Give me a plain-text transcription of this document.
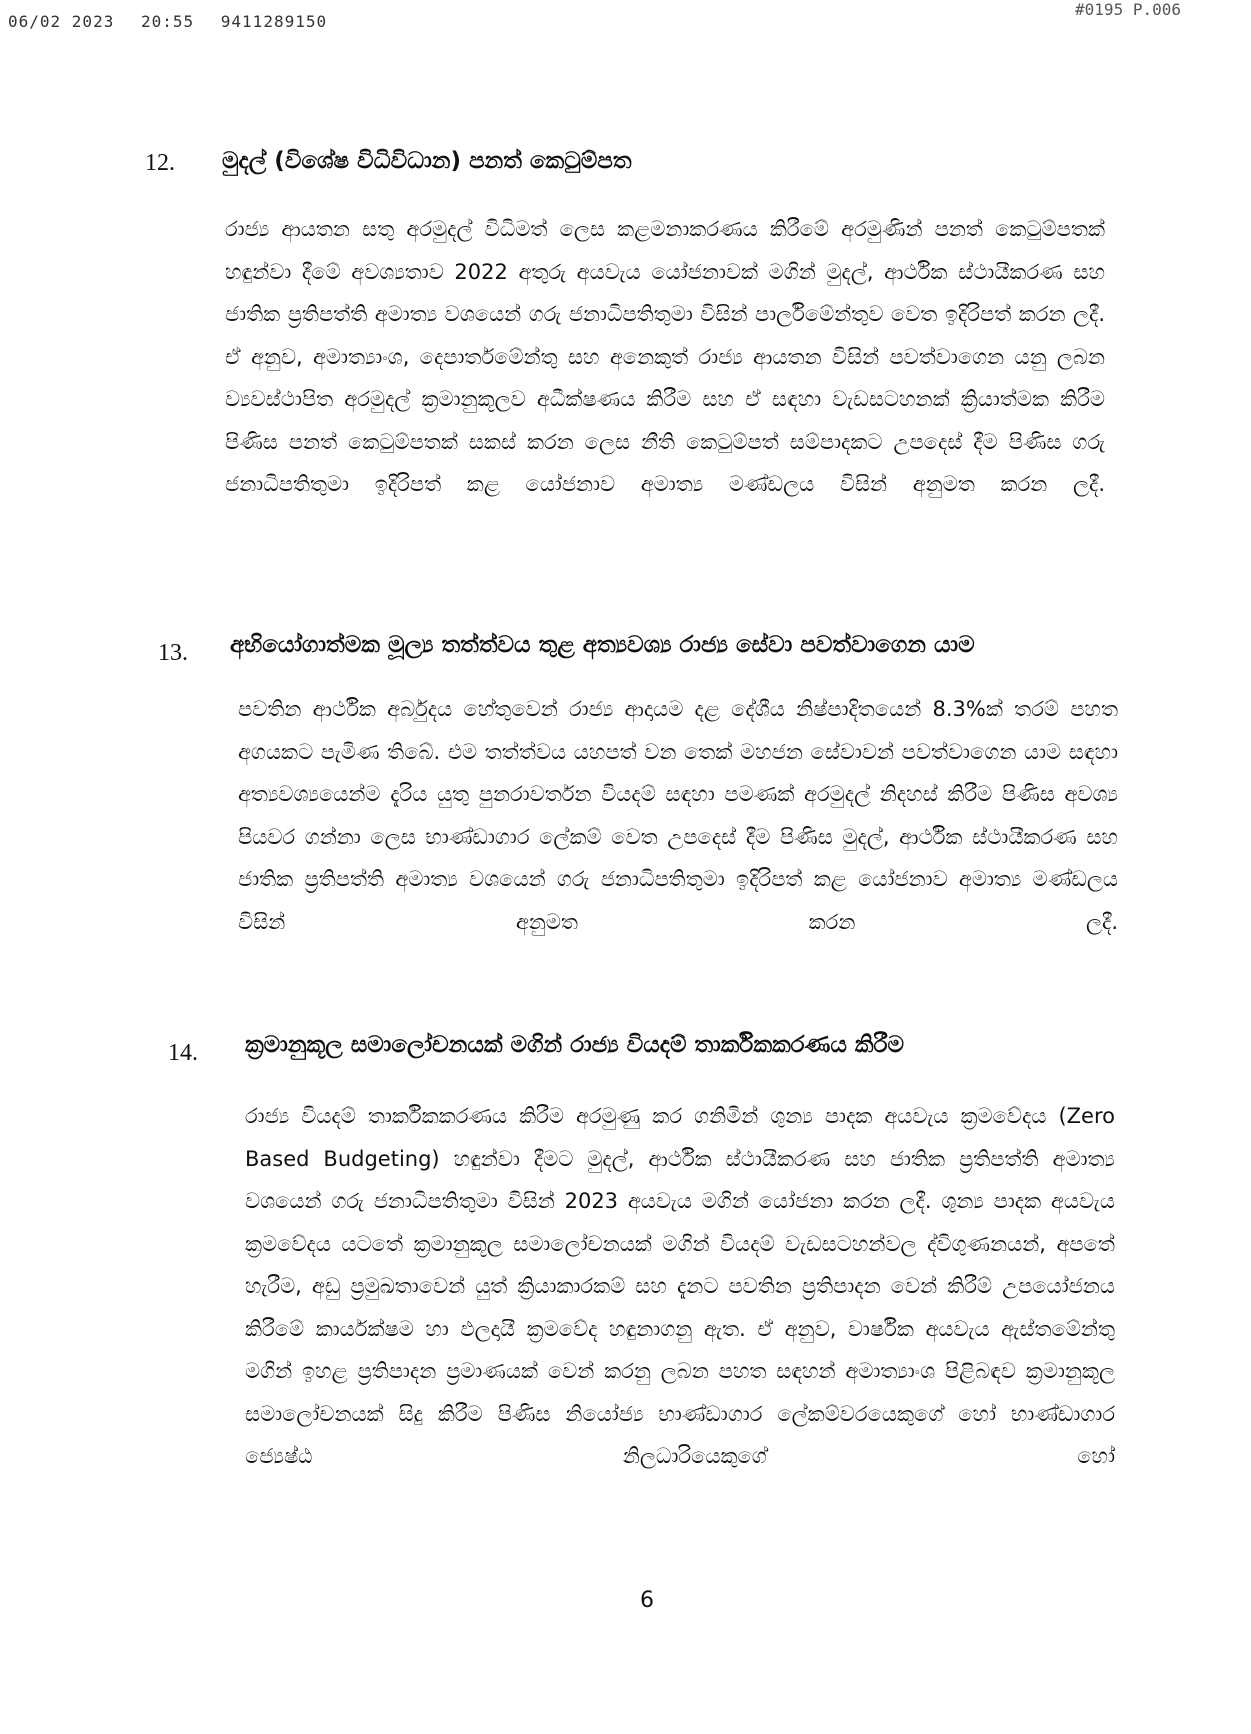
06/02 2023 20:55 9411289150
#0195 P.006
12. මුදල් (විශේෂ විධිවිධාන) පනත් කෙටුම්පත

රාජ්‍ය ආයතන සතු අරමුදල් විධිමත් ලෙස කළමනාකරණය කිරීමේ අරමුණින් පනත් කෙටුම්පතක් හඳුන්වා දීමේ අවශ්‍යතාව 2022 අතුරු අයවැය යෝජනාවක් මගින් මුදල්, ආර්ථික ස්ථායීකරණ සහ ජාතික ප්‍රතිපත්ති අමාත්‍ය වශයෙන් ගරු ජනාධිපතිතුමා විසින් පාර්ලිමේන්තුව වෙත ඉදිරිපත් කරන ලදී. ඒ අනුව, අමාත්‍යාංශ, දෙපාර්තමේන්තු සහ අනෙකුත් රාජ්‍ය ආයතන විසින් පවත්වාගෙන යනු ලබන ව්‍යවස්ථාපිත අරමුදල් ක්‍රමානුකූලව අධීක්ෂණය කිරීම සහ ඒ සඳහා වැඩසටහනක් ක්‍රියාත්මක කිරීම පිණිස පනත් කෙටුම්පතක් සකස් කරන ලෙස නීති කෙටුම්පත් සම්පාදකට උපදෙස් දීම පිණිස ගරු ජනාධිපතිතුමා ඉදිරිපත් කළ යෝජනාව අමාත්‍ය මණ්ඩලය විසින් අනුමත කරන ලදී.

13. අභියෝගාත්මක මූල්‍ය තත්ත්වය තුළ අත්‍යවශ්‍ය රාජ්‍ය සේවා පවත්වාගෙන යාම

පවතින ආර්ථික අර්බුදය හේතුවෙන් රාජ්‍ය ආදායම දළ දේශීය නිෂ්පාදිතයෙන් 8.3%ක් තරම් පහත අගයකට පැමිණ තිබේ. එම තත්ත්වය යහපත් වන තෙක් මහජන සේවාවන් පවත්වාගෙන යාම සඳහා අත්‍යවශ්‍යයෙන්ම දැරිය යුතු පුනරාවර්තන වියදම් සඳහා පමණක් අරමුදල් නිදහස් කිරීම පිණිස අවශ්‍ය පියවර ගන්නා ලෙස භාණ්ඩාගාර ලේකම් වෙත උපදෙස් දීම පිණිස මුදල්, ආර්ථික ස්ථායීකරණ සහ ජාතික ප්‍රතිපත්ති අමාත්‍ය වශයෙන් ගරු ජනාධිපතිතුමා ඉදිරිපත් කළ යෝජනාව අමාත්‍ය මණ්ඩලය විසින් අනුමත කරන ලදී.

14. ක්‍රමානුකූල සමාලෝචනයක් මගින් රාජ්‍ය වියදම් තාර්කිකකරණය කිරීම

රාජ්‍ය වියදම් තාර්කිකකරණය කිරීම අරමුණු කර ගනිමින් ශුන්‍ය පාදක අයවැය ක්‍රමවේදය (Zero Based Budgeting) හඳුන්වා දීමට මුදල්, ආර්ථික ස්ථායීකරණ සහ ජාතික ප්‍රතිපත්ති අමාත්‍ය වශයෙන් ගරු ජනාධිපතිතුමා විසින් 2023 අයවැය මගින් යෝජනා කරන ලදී. ශුන්‍ය පාදක අයවැය ක්‍රමවේදය යටතේ ක්‍රමානුකූල සමාලෝචනයක් මගින් වියදම් වැඩසටහන්වල ද්විගුණනයන්, අපතේ හැරීම, අඩු ප්‍රමුඛතාවෙන් යුත් ක්‍රියාකාරකම් සහ දැනට පවතින ප්‍රතිපාදන වෙන් කිරීම් උපයෝජනය කිරීමේ කාර්යක්ෂම හා ඵලදායී ක්‍රමවේද හඳුනාගනු ඇත. ඒ අනුව, වාර්ෂික අයවැය ඇස්තමේන්තු මගින් ඉහළ ප්‍රතිපාදන ප්‍රමාණයක් වෙන් කරනු ලබන පහත සඳහන් අමාත්‍යාංශ පිළිබඳව ක්‍රමානුකූල සමාලෝචනයක් සිදු කිරීම පිණිස නියෝජ්‍ය භාණ්ඩාගාර ලේකම්වරයෙකුගේ හෝ භාණ්ඩාගාර ජ්‍යෙෂ්ඨ නිලධාරියෙකුගේ හෝ

6
